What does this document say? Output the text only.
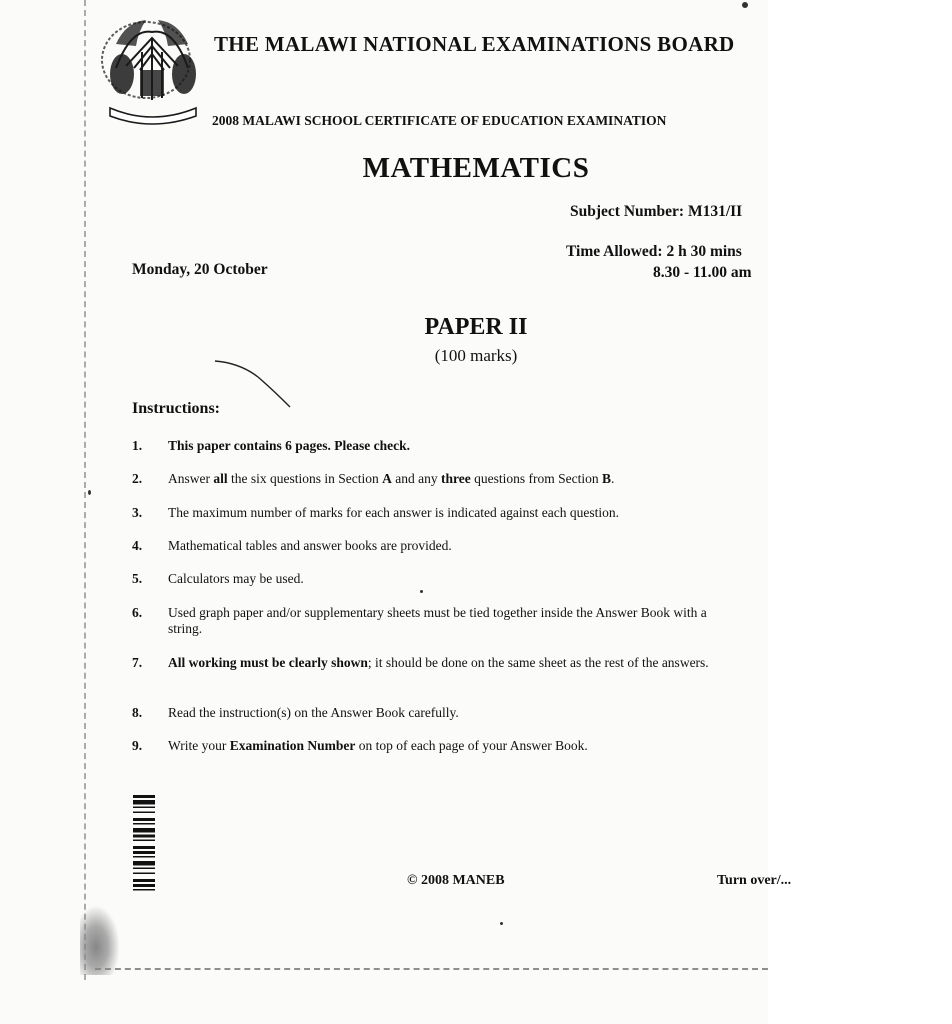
THE MALAWI NATIONAL EXAMINATIONS BOARD
2008 MALAWI SCHOOL CERTIFICATE OF EDUCATION EXAMINATION
MATHEMATICS
Subject Number: M131/II
Time Allowed: 2 h 30 mins
8.30 - 11.00 am
Monday, 20 October
PAPER II
(100 marks)
Instructions:
1. This paper contains 6 pages. Please check.
2. Answer all the six questions in Section A and any three questions from Section B.
3. The maximum number of marks for each answer is indicated against each question.
4. Mathematical tables and answer books are provided.
5. Calculators may be used.
6. Used graph paper and/or supplementary sheets must be tied together inside the Answer Book with a string.
7. All working must be clearly shown; it should be done on the same sheet as the rest of the answers.
8. Read the instruction(s) on the Answer Book carefully.
9. Write your Examination Number on top of each page of your Answer Book.
© 2008 MANEB	Turn over/...
